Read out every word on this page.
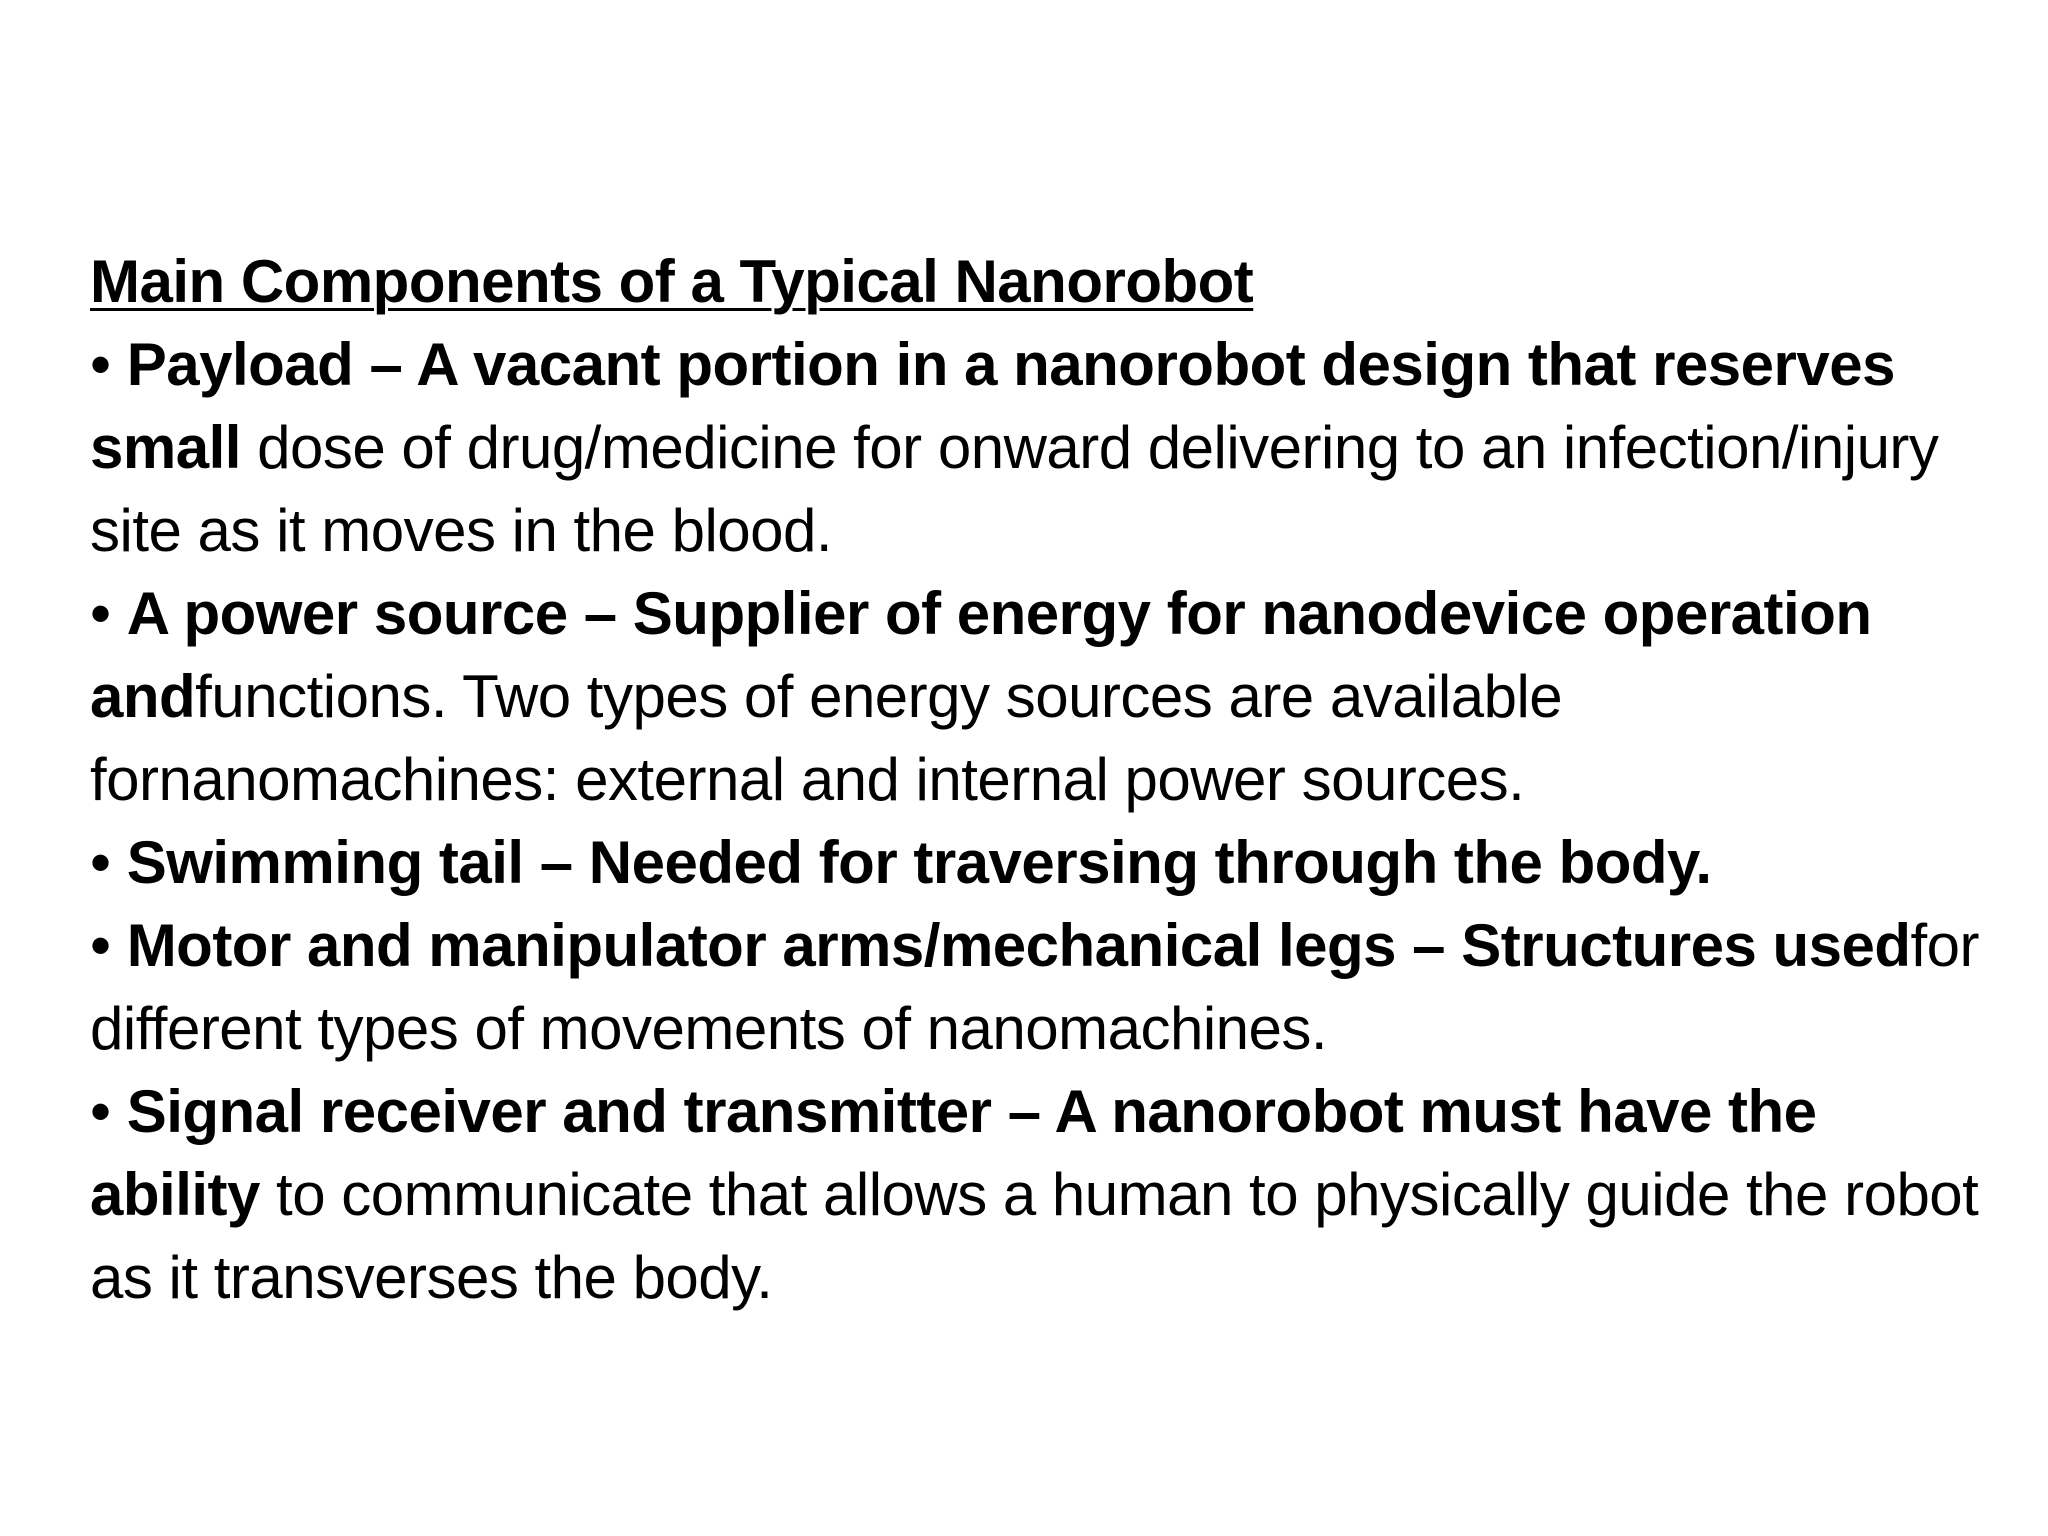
Main Components of a Typical Nanorobot

• Payload – A vacant portion in a nanorobot design that reserves small dose of drug/medicine for onward delivering to an infection/injury site as it moves in the blood.

• A power source – Supplier of energy for nanodevice operation andfunctions. Two types of energy sources are available fornanomachines: external and internal power sources.

• Swimming tail – Needed for traversing through the body.

• Motor and manipulator arms/mechanical legs – Structures usedfor different types of movements of nanomachines.

• Signal receiver and transmitter – A nanorobot must have the ability to communicate that allows a human to physically guide the robot as it transverses the body.
